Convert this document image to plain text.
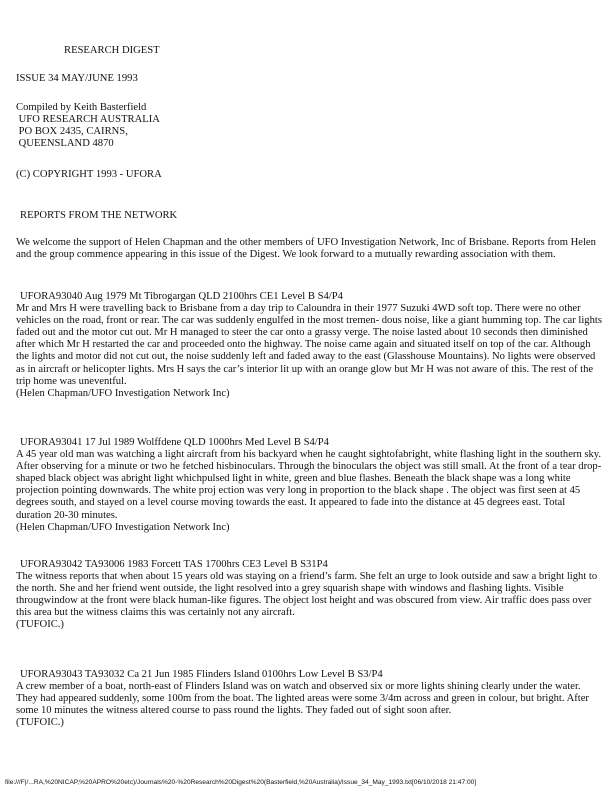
RESEARCH DIGEST
ISSUE 34 MAY/JUNE 1993
Compiled by Keith Basterfield
UFO RESEARCH AUSTRALIA
PO BOX 2435, CAIRNS,
QUEENSLAND 4870
(C) COPYRIGHT 1993 - UFORA
REPORTS FROM THE NETWORK

We welcome the support of Helen Chapman and the other members of UFO Investigation Network, Inc of Brisbane. Reports from Helen and the group commence appearing in this issue of the Digest. We look forward to a mutually rewarding association with them.

UFORA93040 Aug 1979 Mt Tibrogargan QLD 2100hrs CE1 Level B S4/P4

Mr and Mrs H were travelling back to Brisbane from a day trip to Caloundra in their 1977 Suzuki 4WD soft top. There were no other vehicles on the road, front or rear. The car was suddenly engulfed in the most tremen- dous noise, like a giant humming top. The car lights faded out and the motor cut out. Mr H managed to steer the car onto a grassy verge. The noise lasted about 10 seconds then diminished after which Mr H restarted the car and proceeded onto the highway. The noise came again and situated itself on top of the car. Although the lights and motor did not cut out, the noise suddenly left and faded away to the east (Glasshouse Mountains). No lights were observed as in aircraft or helicopter lights. Mrs H says the car’s interior lit up with an orange glow but Mr H was not aware of this. The rest of the trip home was uneventful.

(Helen Chapman/UFO Investigation Network Inc)
UFORA93041 17 Jul 1989 Wolffdene QLD 1000hrs Med Level B S4/P4

A 45 year old man was watching a light aircraft from his backyard when he caught sightofabright, white flashing light in the southern sky. After observing for a minute or two he fetched hisbinoculars. Through the binoculars the object was still small. At the front of a tear drop-shaped black object was abright light whichpulsed light in white, green and blue flashes. Beneath the black shape was a long white projection pointing downwards. The white proj ection was very long in proportion to the black shape . The object was first seen at 45 degrees south, and stayed on a level course moving towards the east. It appeared to fade into the distance at 45 degrees east. Total duration 20-30 minutes.

(Helen Chapman/UFO Investigation Network Inc)
UFORA93042 TA93006 1983 Forcett TAS 1700hrs CE3 Level B S31P4

The witness reports that when about 15 years old was staying on a friend’s farm. She felt an urge to look outside and saw a bright light to the north. She and her friend went outside, the light resolved into a grey squarish shape with windows and flashing lights. Visible througwindow at the front were black human-like figures. The object lost height and was obscured from view. Air traffic does pass over this area but the witness claims this was certainly not any aircraft.

(TUFOIC.)
UFORA93043 TA93032 Ca 21 Jun 1985 Flinders Island 0100hrs Low Level B S3/P4

A crew member of a boat, north-east of Flinders Island was on watch and observed six or more lights shining clearly under the water. They had appeared suddenly, some 100m from the boat. The lighted areas were some 3/4m across and green in colour, but bright. After some 10 minutes the witness altered course to pass round the lights. They faded out of sight soon after.

(TUFOIC.)
file:///F|/...RA,%20NICAP,%20APRO%20etc)/Journals%20-%20Research%20Digest%20(Basterfield,%20Australia)/Issue_34_May_1993.txt[06/10/2018 21:47:00]
